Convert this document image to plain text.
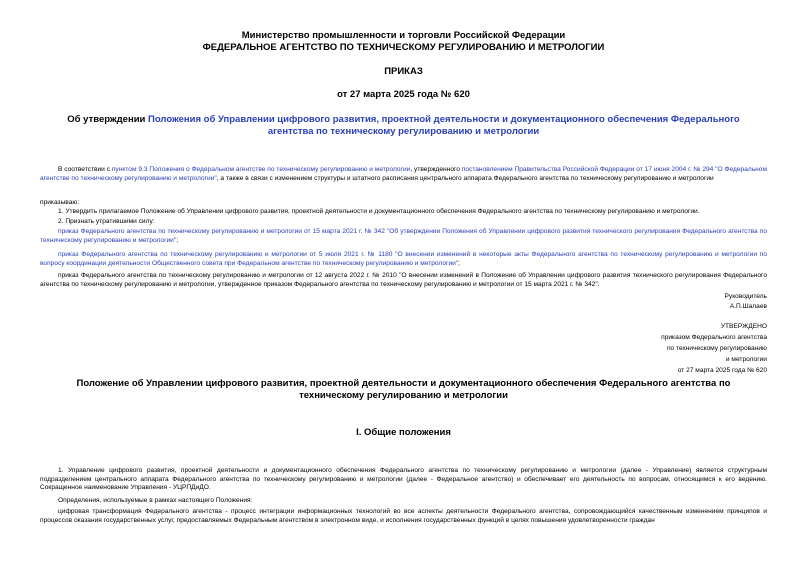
Министерство промышленности и торговли Российской Федерации
ФЕДЕРАЛЬНОЕ АГЕНТСТВО ПО ТЕХНИЧЕСКОМУ РЕГУЛИРОВАНИЮ И МЕТРОЛОГИИ
ПРИКАЗ
от 27 марта 2025 года № 620
Об утверждении Положения об Управлении цифрового развития, проектной деятельности и документационного обеспечения Федерального агентства по техническому регулированию и метрологии
В соответствии с пунктом 9.3 Положения о Федеральном агентстве по техническому регулированию и метрологии, утвержденного постановлением Правительства Российской Федерации от 17 июня 2004 г. № 294 "О Федеральном агентстве по техническому регулированию и метрологии", а также в связи с изменением структуры и штатного расписания центрального аппарата Федерального агентства по техническому регулированию и метрологии
приказываю:
1. Утвердить прилагаемое Положение об Управлении цифрового развития, проектной деятельности и документационного обеспечения Федерального агентства по техническому регулированию и метрологии.
2. Признать утратившими силу:
приказ Федерального агентства по техническому регулированию и метрологии от 15 марта 2021 г. № 342 "Об утверждении Положения об Управлении цифрового развития технического регулирования Федерального агентства по техническому регулированию и метрологии";
приказ Федерального агентства по техническому регулированию и метрологии от 5 июля 2021 г. № 1180 "О внесении изменений в некоторые акты Федерального агентства по техническому регулированию и метрологии по вопросу координации деятельности Общественного совета при Федеральном агентстве по техническому регулированию и метрологии";
приказ Федерального агентства по техническому регулированию и метрологии от 12 августа 2022 г. № 2010 "О внесении изменений в Положение об Управлении цифрового развития технического регулирования Федерального агентства по техническому регулированию и метрологии, утвержденное приказом Федерального агентства по техническому регулированию и метрологии от 15 марта 2021 г. № 342".
Руководитель
А.П.Шалаев
УТВЕРЖДЕНО
приказом Федерального агентства
по техническому регулированию
и метрологии
от 27 марта 2025 года № 620
Положение об Управлении цифрового развития, проектной деятельности и документационного обеспечения Федерального агентства по техническому регулированию и метрологии
I. Общие положения
1. Управление цифрового развития, проектной деятельности и документационного обеспечения Федерального агентства по техническому регулированию и метрологии (далее - Управление) является структурным подразделением центрального аппарата Федерального агентства по техническому регулированию и метрологии (далее - Федеральное агентство) и обеспечивает его деятельность по вопросам, относящимся к его ведению. Сокращенное наименование Управления - УЦРПДиДО.
Определения, используемые в рамках настоящего Положения:
цифровая трансформация Федерального агентства - процесс интеграции информационных технологий во все аспекты деятельности Федерального агентства, сопровождающийся качественным изменением принципов и процессов оказания государственных услуг, предоставляемых Федеральным агентством в электронном виде, и исполнения государственных функций в целях повышения удовлетворенности граждан
